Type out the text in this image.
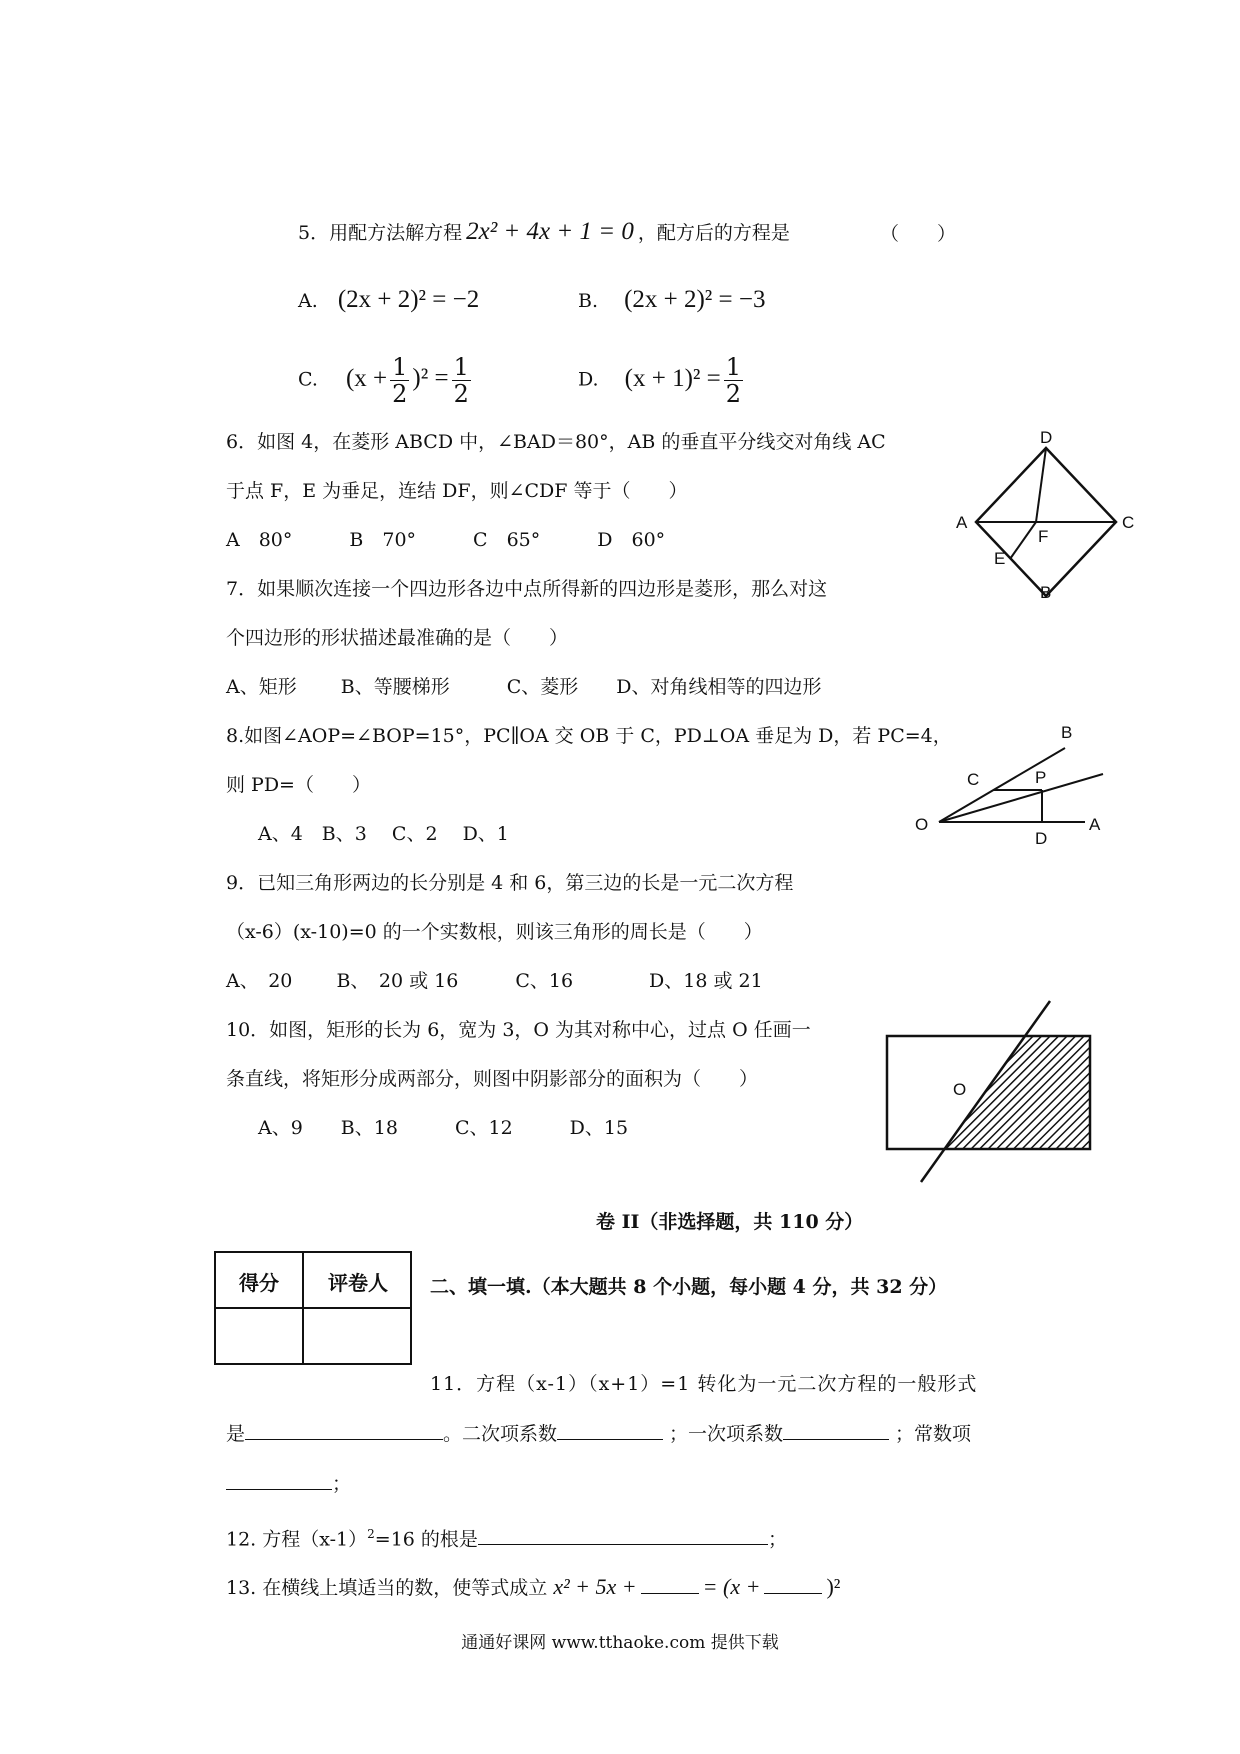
5．用配方法解方程 2x² + 4x + 1 = 0 ，配方后的方程是	（　　）
A. (2x + 2)² = −2	B. (2x + 2)² = −3
C. $(x + \frac{1}{2} )^2 = \frac{1}{2}$	D. $(x + 1)^2 = \frac{1}{2}$
6．如图 4，在菱形 ABCD 中，∠BAD＝80°，AB 的垂直平分线交对角线 AC
于点 F，E 为垂足，连结 DF，则∠CDF 等于（　　）
A　80°　　　B　70°　　　C　65°　　　D　60°
D
A	C
F
E
B
7．如果顺次连接一个四边形各边中点所得新的四边形是菱形，那么对这
个四边形的形状描述最准确的是（　　）
A、矩形　　 B、等腰梯形　　　C、菱形　　D、对角线相等的四边形
8.如图∠AOP=∠BOP=15°，PC∥OA 交 OB 于 C，PD⊥OA 垂足为 D，若 PC=4，
则 PD=（　　）
A、4　B、3　 C、2　 D、1
B
C	P
O
D
A
9．已知三角形两边的长分别是 4 和 6，第三边的长是一元二次方程
（x-6）(x-10)=0 的一个实数根，则该三角形的周长是（　　）
A、　20　　 B、　20 或 16　　　C、16　　　　D、18 或 21
10．如图，矩形的长为 6，宽为 3，O 为其对称中心，过点 O 任画一
条直线，将矩形分成两部分，则图中阴影部分的面积为（　　）
A、9　　B、18　　　C、12　　　D、15
O
卷 II（非选择题，共 110 分）
得分	评卷人	二、填一填.（本大题共 8 个小题，每小题 4 分，共 32 分）
11．方程（x-1）（x+1）=1 转化为一元二次方程的一般形式
是	。二次项系数	；一次项系数	；常数项
；
12. 方程$(x-1)^2=16$ 的根是	；
13. 在横线上填适当的数，使等式成立 x² + 5x +	= (x +	)²
通通好课网 www.tthaoke.com 提供下载
